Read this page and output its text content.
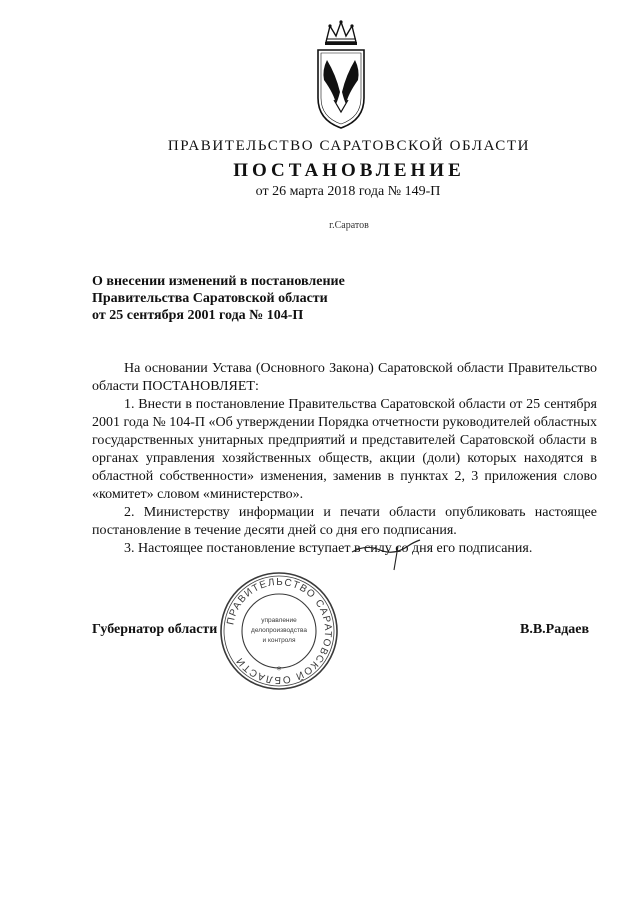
ПРАВИТЕЛЬСТВО САРАТОВСКОЙ ОБЛАСТИ
ПОСТАНОВЛЕНИЕ
от 26 марта 2018 года № 149-П
г.Саратов
О внесении изменений в постановление
Правительства Саратовской области
от 25 сентября 2001 года № 104-П

На основании Устава (Основного Закона) Саратовской области Правительство области ПОСТАНОВЛЯЕТ:

1. Внести в постановление Правительства Саратовской области от 25 сентября 2001 года № 104-П «Об утверждении Порядка отчетности руководителей областных государственных унитарных предприятий и представителей Саратовской области в органах управления хозяйственных обществ, акции (доли) которых находятся в областной собственности» изменения, заменив в пунктах 2, 3 приложения слово «комитет» словом «министерство».

2. Министерству информации и печати области опубликовать настоящее постановление в течение десяти дней со дня его подписания.

3. Настоящее постановление вступает в силу со дня его подписания.

Губернатор области
ПРАВИТЕЛЬСТВО САРАТОВСКОЙ ОБЛАСТИ
*
управление
делопроизводства
и контроля
В.В.Радаев
